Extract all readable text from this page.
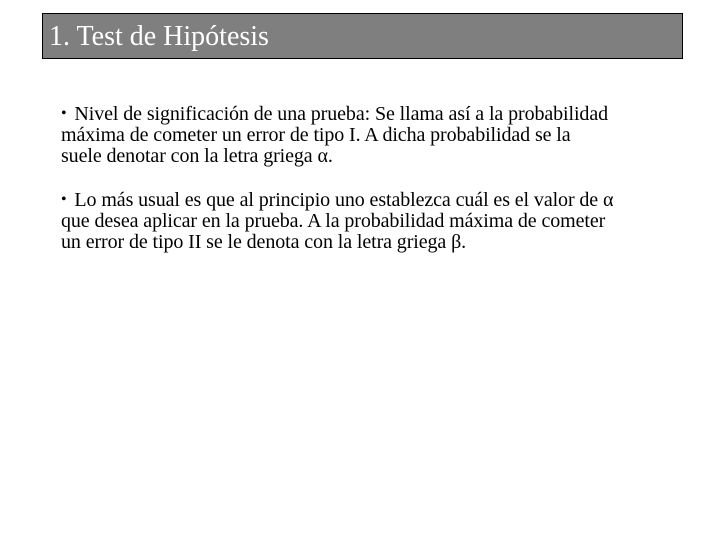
1. Test de Hipótesis

• Nivel de significación de una prueba: Se llama así a la probabilidad
máxima de cometer un error de tipo I. A dicha probabilidad se la
suele denotar con la letra griega α.

• Lo más usual es que al principio uno establezca cuál es el valor de α
que desea aplicar en la prueba. A la probabilidad máxima de cometer
un error de tipo II se le denota con la letra griega β.
